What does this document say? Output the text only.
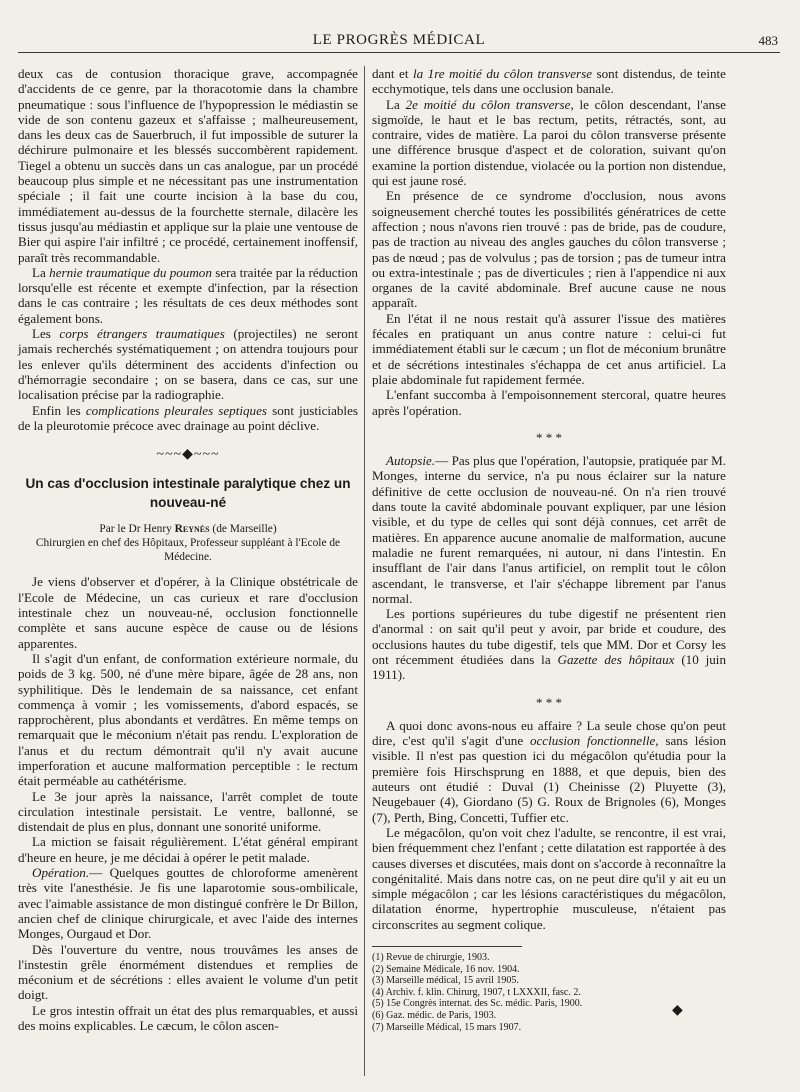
LE PROGRÈS MÉDICAL	483

deux cas de contusion thoracique grave, accompagnée d'accidents de ce genre, par la thoracotomie dans la chambre pneumatique : sous l'influence de l'hypopression le médiastin se vide de son contenu gazeux et s'affaisse ; malheureusement, dans les deux cas de Sauerbruch, il fut impossible de suturer la déchirure pulmonaire et les blessés succombèrent rapidement. Tiegel a obtenu un succès dans un cas analogue, par un procédé beaucoup plus simple et ne nécessitant pas une instrumentation spéciale ; il fait une courte incision à la base du cou, immédiatement au-dessus de la fourchette sternale, dilacère les tissus jusqu'au médiastin et applique sur la plaie une ventouse de Bier qui aspire l'air infiltré ; ce procédé, certainement inoffensif, paraît très recommandable.

La hernie traumatique du poumon sera traitée par la réduction lorsqu'elle est récente et exempte d'infection, par la résection dans le cas contraire ; les résultats de ces deux méthodes sont également bons.

Les corps étrangers traumatiques (projectiles) ne seront jamais recherchés systématiquement ; on attendra toujours pour les enlever qu'ils déterminent des accidents d'infection ou d'hémorragie secondaire ; on se basera, dans ce cas, sur une localisation précise par la radiographie.

Enfin les complications pleurales septiques sont justiciables de la pleurotomie précoce avec drainage au point déclive.

~~~◆~~~
Un cas d'occlusion intestinale paralytique chez un nouveau-né
Par le Dr Henry Reynès (de Marseille)
Chirurgien en chef des Hôpitaux, Professeur suppléant à l'Ecole de Médecine.

Je viens d'observer et d'opérer, à la Clinique obstétricale de l'Ecole de Médecine, un cas curieux et rare d'occlusion intestinale chez un nouveau-né, occlusion fonctionnelle complète et sans aucune espèce de cause ou de lésions apparentes.

Il s'agit d'un enfant, de conformation extérieure normale, du poids de 3 kg. 500, né d'une mère bipare, âgée de 28 ans, non syphilitique. Dès le lendemain de sa naissance, cet enfant commença à vomir ; les vomissements, d'abord espacés, se rapprochèrent, plus abondants et verdâtres. En même temps on remarquait que le méconium n'était pas rendu. L'exploration de l'anus et du rectum démontrait qu'il n'y avait aucune imperforation et aucune malformation perceptible : le rectum était perméable au cathétérisme.

Le 3e jour après la naissance, l'arrêt complet de toute circulation intestinale persistait. Le ventre, ballonné, se distendait de plus en plus, donnant une sonorité uniforme.

La miction se faisait régulièrement. L'état général empirant d'heure en heure, je me décidai à opérer le petit malade.

Opération.— Quelques gouttes de chloroforme amenèrent très vite l'anesthésie. Je fis une laparotomie sous-ombilicale, avec l'aimable assistance de mon distingué confrère le Dr Billon, ancien chef de clinique chirurgicale, et avec l'aide des internes Monges, Ourgaud et Dor.

Dès l'ouverture du ventre, nous trouvâmes les anses de l'instestin grêle énormément distendues et remplies de méconium et de sécrétions : elles avaient le volume d'un petit doigt.

Le gros intestin offrait un état des plus remarquables, et aussi des moins explicables. Le cæcum, le côlon ascen-

dant et la 1re moitié du côlon transverse sont distendus, de teinte ecchymotique, tels dans une occlusion banale.

La 2e moitié du côlon transverse, le côlon descendant, l'anse sigmoïde, le haut et le bas rectum, petits, rétractés, sont, au contraire, vides de matière. La paroi du côlon transverse présente une différence brusque d'aspect et de coloration, suivant qu'on examine la portion distendue, violacée ou la portion non distendue, qui est jaune rosé.

En présence de ce syndrome d'occlusion, nous avons soigneusement cherché toutes les possibilités génératrices de cette affection ; nous n'avons rien trouvé : pas de bride, pas de coudure, pas de traction au niveau des angles gauches du côlon transverse ; pas de nœud ; pas de volvulus ; pas de torsion ; pas de tumeur intra ou extra-intestinale ; pas de diverticules ; rien à l'appendice ni aux organes de la cavité abdominale. Bref aucune cause ne nous apparaît.

En l'état il ne nous restait qu'à assurer l'issue des matières fécales en pratiquant un anus contre nature : celui-ci fut immédiatement établi sur le cæcum ; un flot de méconium brunâtre et de sécrétions intestinales s'échappa de cet anus artificiel. La plaie abdominale fut rapidement fermée.

L'enfant succomba à l'empoisonnement stercoral, quatre heures après l'opération.

* * *

Autopsie.— Pas plus que l'opération, l'autopsie, pratiquée par M. Monges, interne du service, n'a pu nous éclairer sur la nature définitive de cette occlusion de nouveau-né. On n'a rien trouvé dans toute la cavité abdominale pouvant expliquer, par une lésion visible, et du type de celles qui sont déjà connues, cet arrêt de matières. En apparence aucune anomalie de malformation, aucune maladie ne furent remarquées, ni autour, ni dans l'intestin. En insufflant de l'air dans l'anus artificiel, on remplit tout le côlon ascendant, le transverse, et l'air s'échappe librement par l'anus normal.

Les portions supérieures du tube digestif ne présentent rien d'anormal : on sait qu'il peut y avoir, par bride et coudure, des occlusions hautes du tube digestif, tels que MM. Dor et Corsy les ont récemment étudiées dans la Gazette des hôpitaux (10 juin 1911).

* * *

A quoi donc avons-nous eu affaire ? La seule chose qu'on peut dire, c'est qu'il s'agit d'une occlusion fonctionnelle, sans lésion visible. Il n'est pas question ici du mégacôlon qu'étudia pour la première fois Hirschsprung en 1888, et que depuis, bien des auteurs ont étudié : Duval (1) Cheinisse (2) Pluyette (3), Neugebauer (4), Giordano (5) G. Roux de Brignoles (6), Monges (7), Perth, Bing, Concetti, Tuffier etc.

Le mégacôlon, qu'on voit chez l'adulte, se rencontre, il est vrai, bien fréquemment chez l'enfant ; cette dilatation est rapportée à des causes diverses et discutées, mais dont on s'accorde à reconnaître la congénitalité. Mais dans notre cas, on ne peut dire qu'il y ait eu un simple mégacôlon ; car les lésions caractéristiques du mégacôlon, dilatation énorme, hypertrophie musculeuse, n'étaient pas circonscrites au segment colique.

(1) Revue de chirurgie, 1903.
(2) Semaine Médicale, 16 nov. 1904.
(3) Marseille médical, 15 avril 1905.
(4) Archiv. f. klin. Chirurg, 1907, t LXXXII, fasc. 2.
(5) 15e Congrès internat. des Sc. médic. Paris, 1900.
(6) Gaz. médic. de Paris, 1903.
(7) Marseille Médical, 15 mars 1907.
◆
